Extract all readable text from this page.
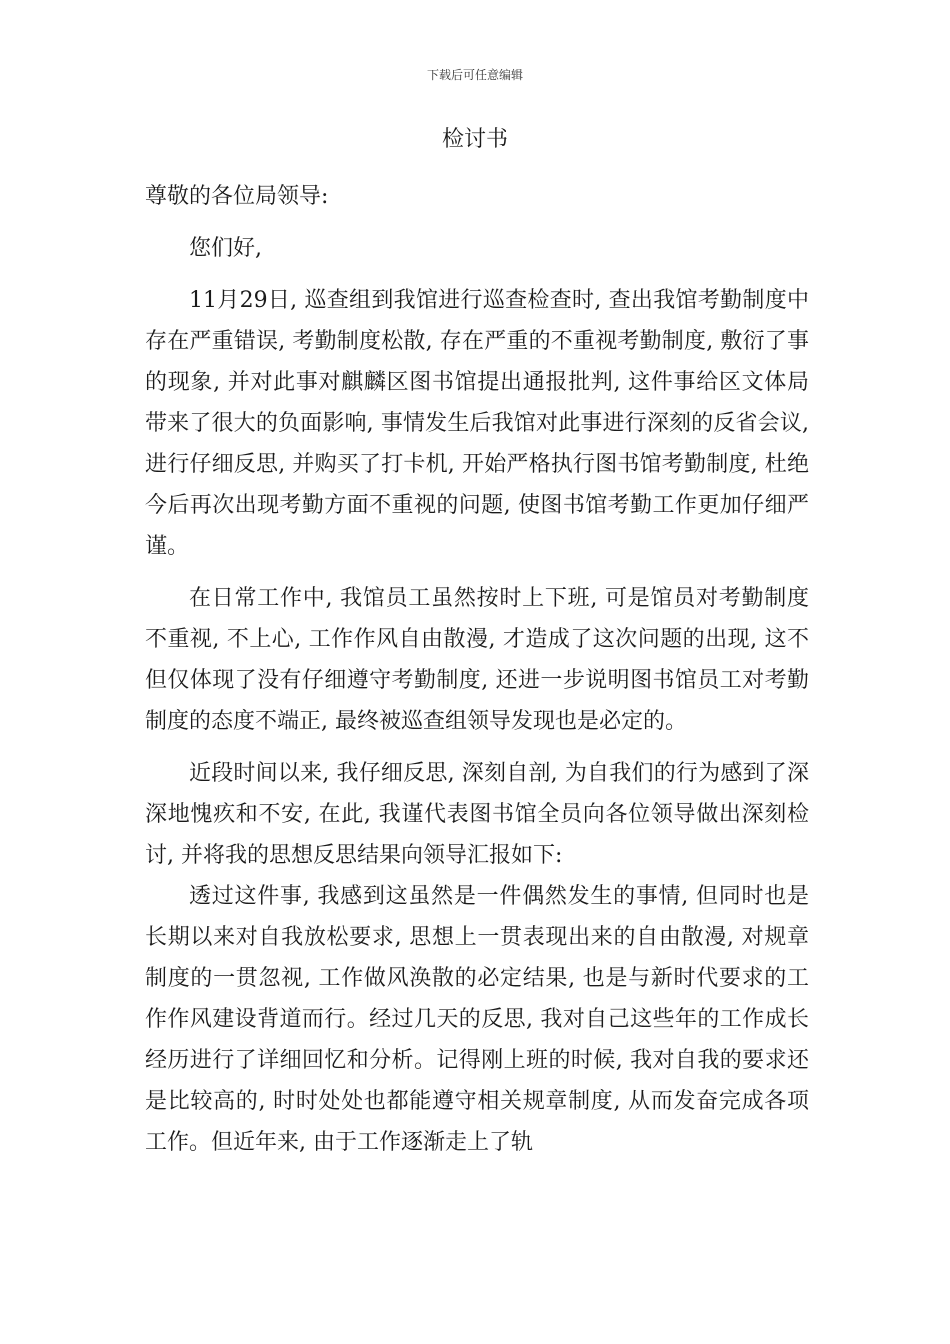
下载后可任意编辑
检讨书

尊敬的各位局领导:

您们好,

11月29日, 巡查组到我馆进行巡查检查时, 查出我馆考勤制度中存在严重错误, 考勤制度松散, 存在严重的不重视考勤制度, 敷衍了事的现象, 并对此事对麒麟区图书馆提出通报批判, 这件事给区文体局带来了很大的负面影响, 事情发生后我馆对此事进行深刻的反省会议, 进行仔细反思, 并购买了打卡机, 开始严格执行图书馆考勤制度, 杜绝今后再次出现考勤方面不重视的问题, 使图书馆考勤工作更加仔细严谨。

在日常工作中, 我馆员工虽然按时上下班, 可是馆员对考勤制度不重视, 不上心, 工作作风自由散漫, 才造成了这次问题的出现, 这不但仅体现了没有仔细遵守考勤制度, 还进一步说明图书馆员工对考勤制度的态度不端正, 最终被巡查组领导发现也是必定的。

近段时间以来, 我仔细反思, 深刻自剖, 为自我们的行为感到了深深地愧疚和不安, 在此, 我谨代表图书馆全员向各位领导做出深刻检讨, 并将我的思想反思结果向领导汇报如下:

透过这件事, 我感到这虽然是一件偶然发生的事情, 但同时也是长期以来对自我放松要求, 思想上一贯表现出来的自由散漫, 对规章制度的一贯忽视, 工作做风涣散的必定结果, 也是与新时代要求的工作作风建设背道而行。经过几天的反思, 我对自己这些年的工作成长经历进行了详细回忆和分析。记得刚上班的时候, 我对自我的要求还是比较高的, 时时处处也都能遵守相关规章制度, 从而发奋完成各项工作。但近年来, 由于工作逐渐走上了轨
